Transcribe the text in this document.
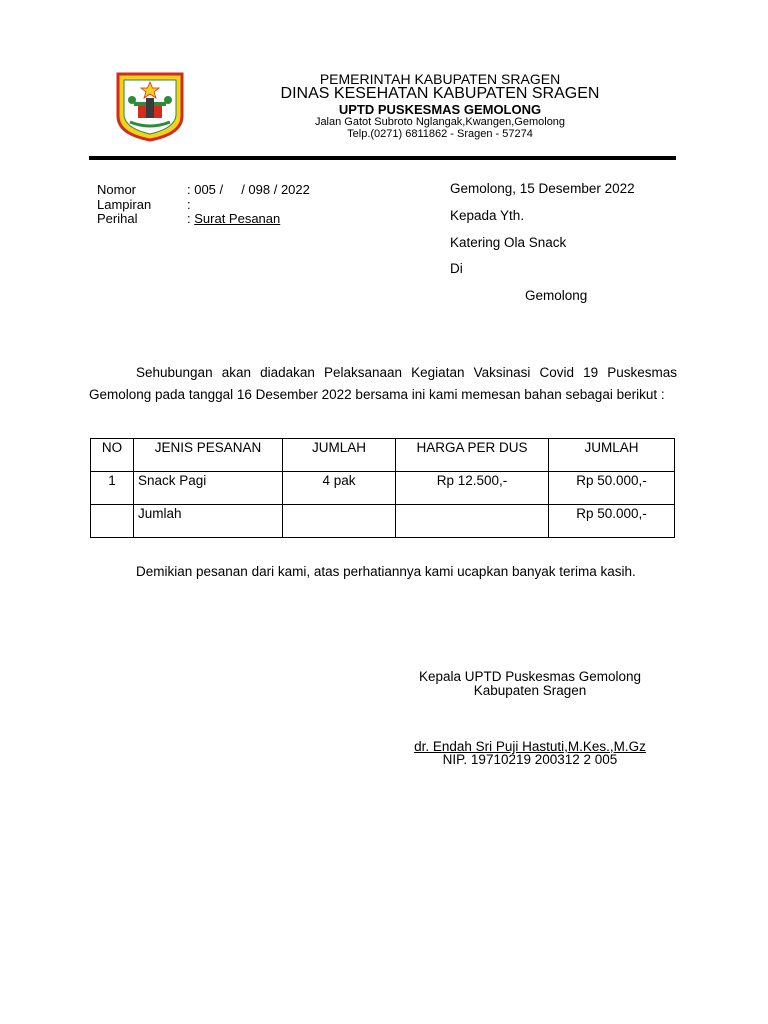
PEMERINTAH KABUPATEN SRAGEN
DINAS KESEHATAN KABUPATEN SRAGEN
UPTD PUSKESMAS GEMOLONG
Jalan Gatot Subroto Nglangak,Kwangen,Gemolong
Telp.(0271) 6811862 - Sragen - 57274
Nomor	: 005 /     / 098 / 2022
Lampiran	:
Perihal	: Surat Pesanan
Gemolong, 15 Desember 2022
Kepada Yth.
Katering Ola Snack
Di
Gemolong
Sehubungan akan diadakan Pelaksanaan Kegiatan Vaksinasi Covid 19 Puskesmas Gemolong pada tanggal 16 Desember 2022 bersama ini kami memesan bahan sebagai berikut :
NO	JENIS PESANAN	JUMLAH	HARGA PER DUS	JUMLAH
1	Snack Pagi	4 pak	Rp 12.500,-	Rp 50.000,-
	Jumlah			Rp 50.000,-
Demikian pesanan dari kami, atas perhatiannya kami ucapkan banyak terima kasih.
Kepala UPTD Puskesmas Gemolong
Kabupaten Sragen
dr. Endah Sri Puji Hastuti,M.Kes.,M.Gz
NIP. 19710219 200312 2 005
